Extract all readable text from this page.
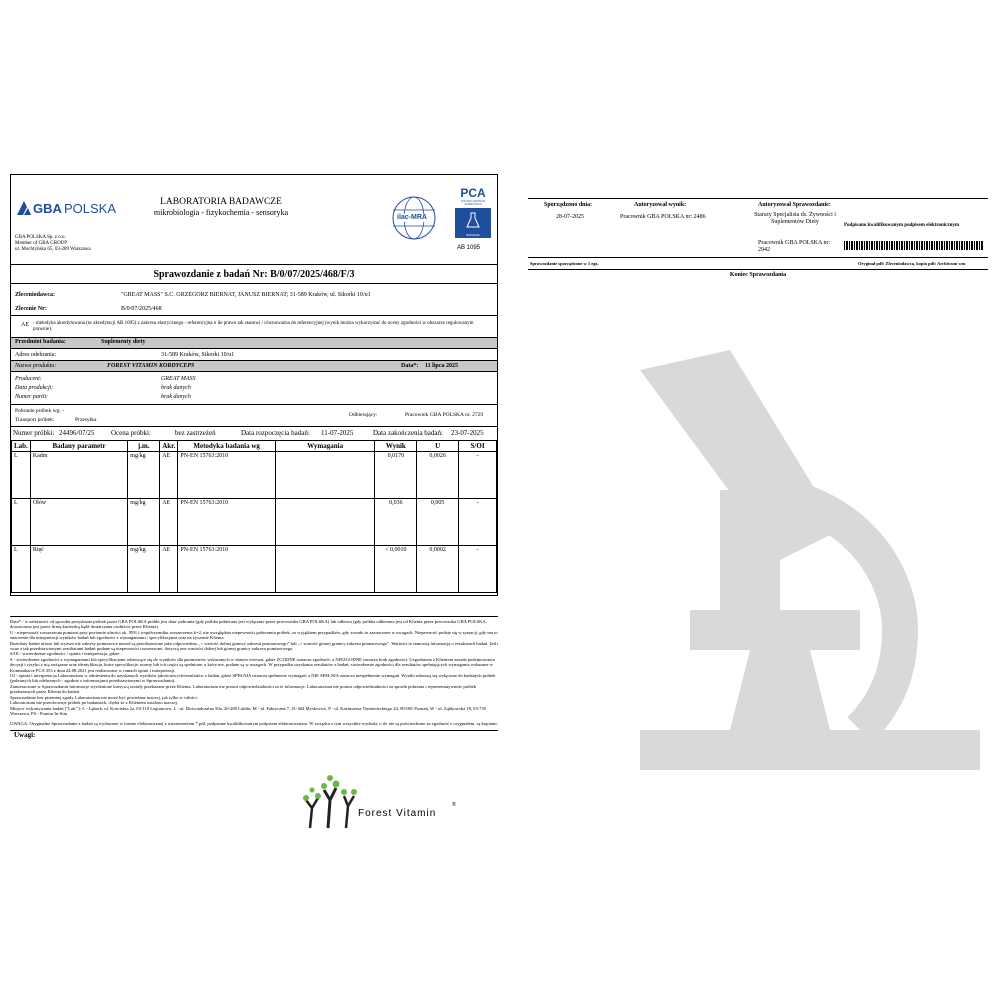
GBA POLSKA	LABORATORIA BADAWCZE
mikrobiologia - fizykochemia - sensoryka
ilac-MRA
PCA
POLSKIE CENTRUM AKREDYTACJI
BADANIA
AB 1095
GBA POLSKA Sp. z o.o.
Member of GBA GROUP
ul. Mochtyńska 65, 03-289 Warszawa
Sprawozdanie z badań Nr: B/0/07/2025/468/F/3
Zleceniodawca:	"GREAT MASS" S.C. GRZEGORZ BIERNAT, JANUSZ BIERNAT; 31-589 Kraków, ul. Sikorki 10/u1
Zlecenie Nr:	B/0/07/2025/468
AE - metodyka akredytowana (nr akredytacji AB 1095) z zakresu elastycznego - referencyjna o ile prawo tak stanowi / równoważna do referencyjnej (wynik można wykorzystać do oceny zgodności w obszarze regulowanym prawnie).
Przedmiot badania:	Suplementy diety
Adres odebrania:	31-589 Kraków, Sikorki 10/u1
Nazwa produktu:	FOREST VITAMIN KORDYCEPS	Data*: 11 lipca 2025
Producent:	GREAT MASS
Data produkcji:	brak danych
Numer partii:	brak danych
Pobranie próbek wg: -
Transport próbek:	Przesyłka
Odbierający:	Pracownik GBA POLSKA nr. 2729
Numer próbki: 24496/07/25 Ocena próbki:	bez zastrzeżeń	Data rozpoczęcia badań: 11-07-2025	Data zakończenia badań: 23-07-2025
Lab.	Badany parametr	j.m.	Akr.	Metodyka badania wg	Wymagania	Wynik	U	S/OI
L	Kadm	mg/kg	AE	PN-EN 15763:2010		0,0170	0,0026	-
L	Ołów	mg/kg	AE	PN-EN 15763:2010		0,036	0,005	-
L	Rtęć	mg/kg	AE	PN-EN 15763:2010		< 0,0010	0,0002	-

Data* - w zależności od sposobu pozyskania próbek przez GBA POLSKA próbki jest data: pobrania (gdy próbka pobierana jest wyłącznie przez pracownika GBA POLSKA) lub odbioru (gdy próbka odbierana jest od Klienta przez pracownika GBA POLSKA, dostarczana jest przez firmę kurierską bądź dostarczana osobiście przez Klienta).

U - niepewność rozszerzona pomiaru przy poziomie ufności ok. 95% i współczynniku rozszerzenia k=2, nie uwzględnia niepewności pobierania próbek, za wyjątkiem przypadków, gdy zostało to zaznaczone w uwagach. Niepewność podaje się w sytuacji, gdy ma to znaczenie dla interpretacji wyników badań lub zgodności z wymaganiami / specyfikacjami oraz na życzenie Klienta.

Rezultaty badań niższe lub wyższe niż zakresy pomiarowe metod są przedstawione jako odpowiednio „< wartość dolnej granicy zakresu pomiarowego" lub „> wartość górnej granicy zakresu pomiarowego". Wartości te stanowią informację o rezultatach badań. Jeśli wraz z tak przedstawionymi rezultatami badań podane są niepewności rozszerzone, dotyczą one wartości dolnej lub górnej granicy zakresu pomiarowego.

S/OI - stwierdzenie zgodności / opinia i interpretacja, gdzie:

S - stwierdzenie zgodności z wymaganiami lub specyfikacjami odnoszące się do wyników dla parametrów wskazanych w danym wierszu, gdzie ZGODNE oznacza zgodność, a NIEZGODNE oznacza brak zgodności. Uzgodniona z Klientem zasada podejmowania decyzji i ryzyko z nią związane oraz identyfikacja, które specyfikacje, normy lub ich części są spełnione, a które nie, podane są w uwagach. W przypadku uzyskania rezultatów z badań, stwierdzenie zgodności dla rezultatów spełniających wymagania wskazane w Komunikacie PCA 353 z dnia 24.08.2021 jest realizowane w ramach opinii i interpretacji.

OI - opinia i interpretacja Laboratorium w odniesieniu do uzyskanych wyników jakościowych/rezultatów z badań, gdzie SPEŁNIA oznacza spełnienie wymagań, a NIE SPEŁNIA oznacza niespełnienie wymagań. Wyniki odnoszą się wyłącznie do badanych próbek (pobranych lub odebranych - zgodnie z informacjami przedstawionymi w Sprawozdaniu).

Zamieszczone w Sprawozdaniu informacje wyróżnione kursywą zostały przekazane przez Klienta. Laboratorium nie ponosi odpowiedzialności za te informacje. Laboratorium nie ponosi odpowiedzialności za sposób pobrania i reprezentatywność próbek przekazanych przez Klienta do badań.

Sprawozdanie bez pisemnej zgody Laboratorium nie może być powielane inaczej, jak tylko w całości.

Laboratorium nie przechowuje próbek po badaniach, chyba że z Klientem ustalono inaczej.

Miejsce wykonywania badań ("Lab."): L - Lębork, ul. Kościelna 2a, 03-110 Legionowo, L - ul. Doświadczalna 50a, 20-280 Lublin, M - ul. Fabryczna 7, 41-404 Mysłowice, P - ul. Kazimierza Tymienieckiego 24, 90-081 Poznań, W - ul. Ząbkowska 18, 03-735 Warszawa, PS - Pomiar In-Situ

UWAGA: Oryginalne Sprawozdanie z badań są wydawane w formie elektronicznej z rozszerzeniem *.pdf, podpisane kwalifikowanym podpisem elektronicznym. W związku z tym wszystkie wydruki, o ile nie są potwierdzone za zgodność z oryginałem, są kopiami.

Uwagi:
Forest Vitamin
®
Sporządzono dnia:
28-07-2025
Autoryzował wynik:
Pracownik GBA POLSKA nr: 2486
Autoryzował Sprawozdanie:
Starszy Specjalista ds. Żywności i Suplementów Diety
Podpisano kwalifikowanym podpisem elektronicznym
Pracownik GBA POLSKA nr: 2942
Sprawozdanie sporządzone w 1 egz.	Oryginał pdf: Zleceniodawca, kopia pdf: Archiwum wm
Koniec Sprawozdania
